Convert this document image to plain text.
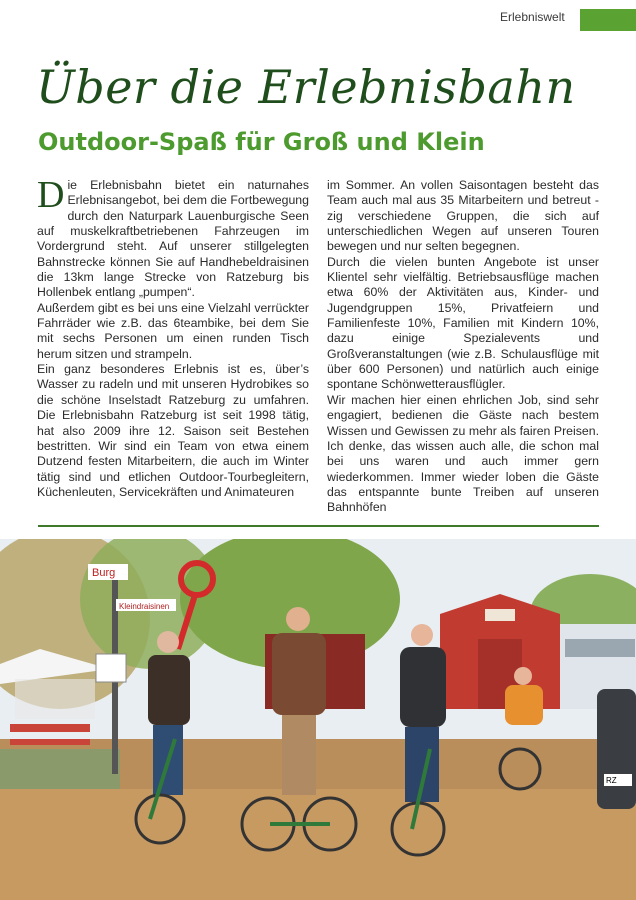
Erlebniswelt
Über die Erlebnisbahn
Outdoor-Spaß für Groß und Klein

Die Erlebnisbahn bietet ein naturnahes Erlebnisangebot, bei dem die Fortbewegung durch den Naturpark Lauenburgische Seen auf muskelkraftbetriebenen Fahrzeugen im Vordergrund steht. Auf unserer stillgelegten Bahnstrecke können Sie auf Handhebeldraisinen die 13km lange Strecke von Ratzeburg bis Hollenbek entlang „pumpen“.

Außerdem gibt es bei uns eine Vielzahl verrückter Fahrräder wie z.B. das 6teambike, bei dem Sie mit sechs Personen um einen runden Tisch herum sitzen und strampeln.

Ein ganz besonderes Erlebnis ist es, über’s Wasser zu radeln und mit unseren Hydrobikes so die schöne Inselstadt Ratzeburg zu umfahren. Die Erlebnisbahn Ratzeburg ist seit 1998 tätig, hat also 2009 ihre 12. Saison seit Bestehen bestritten. Wir sind ein Team von etwa einem Dutzend festen Mitarbeitern, die auch im Winter tätig sind und etlichen Outdoor-Tourbegleitern, Küchenleuten, Servicekräften und Animateuren

im Sommer. An vollen Saisontagen besteht das Team auch mal aus 35 Mitarbeitern und betreut -zig verschiedene Gruppen, die sich auf unterschiedlichen Wegen auf unseren Touren bewegen und nur selten begegnen.

Durch die vielen bunten Angebote ist unser Klientel sehr vielfältig. Betriebsausflüge machen etwa 60% der Aktivitäten aus, Kinder- und Jugendgruppen 15%, Privatfeiern und Familienfeste 10%, Familien mit Kindern 10%, dazu einige Spezialevents und Großveranstaltungen (wie z.B. Schulausflüge mit über 600 Personen) und natürlich auch einige spontane Schönwetterausflügler.

Wir machen hier einen ehrlichen Job, sind sehr engagiert, bedienen die Gäste nach bestem Wissen und Gewissen zu mehr als fairen Preisen. Ich denke, das wissen auch alle, die schon mal bei uns waren und auch immer gern wiederkommen. Immer wieder loben die Gäste das entspannte bunte Treiben auf unseren Bahnhöfen

Burg
Kleindraisinen
RZ
